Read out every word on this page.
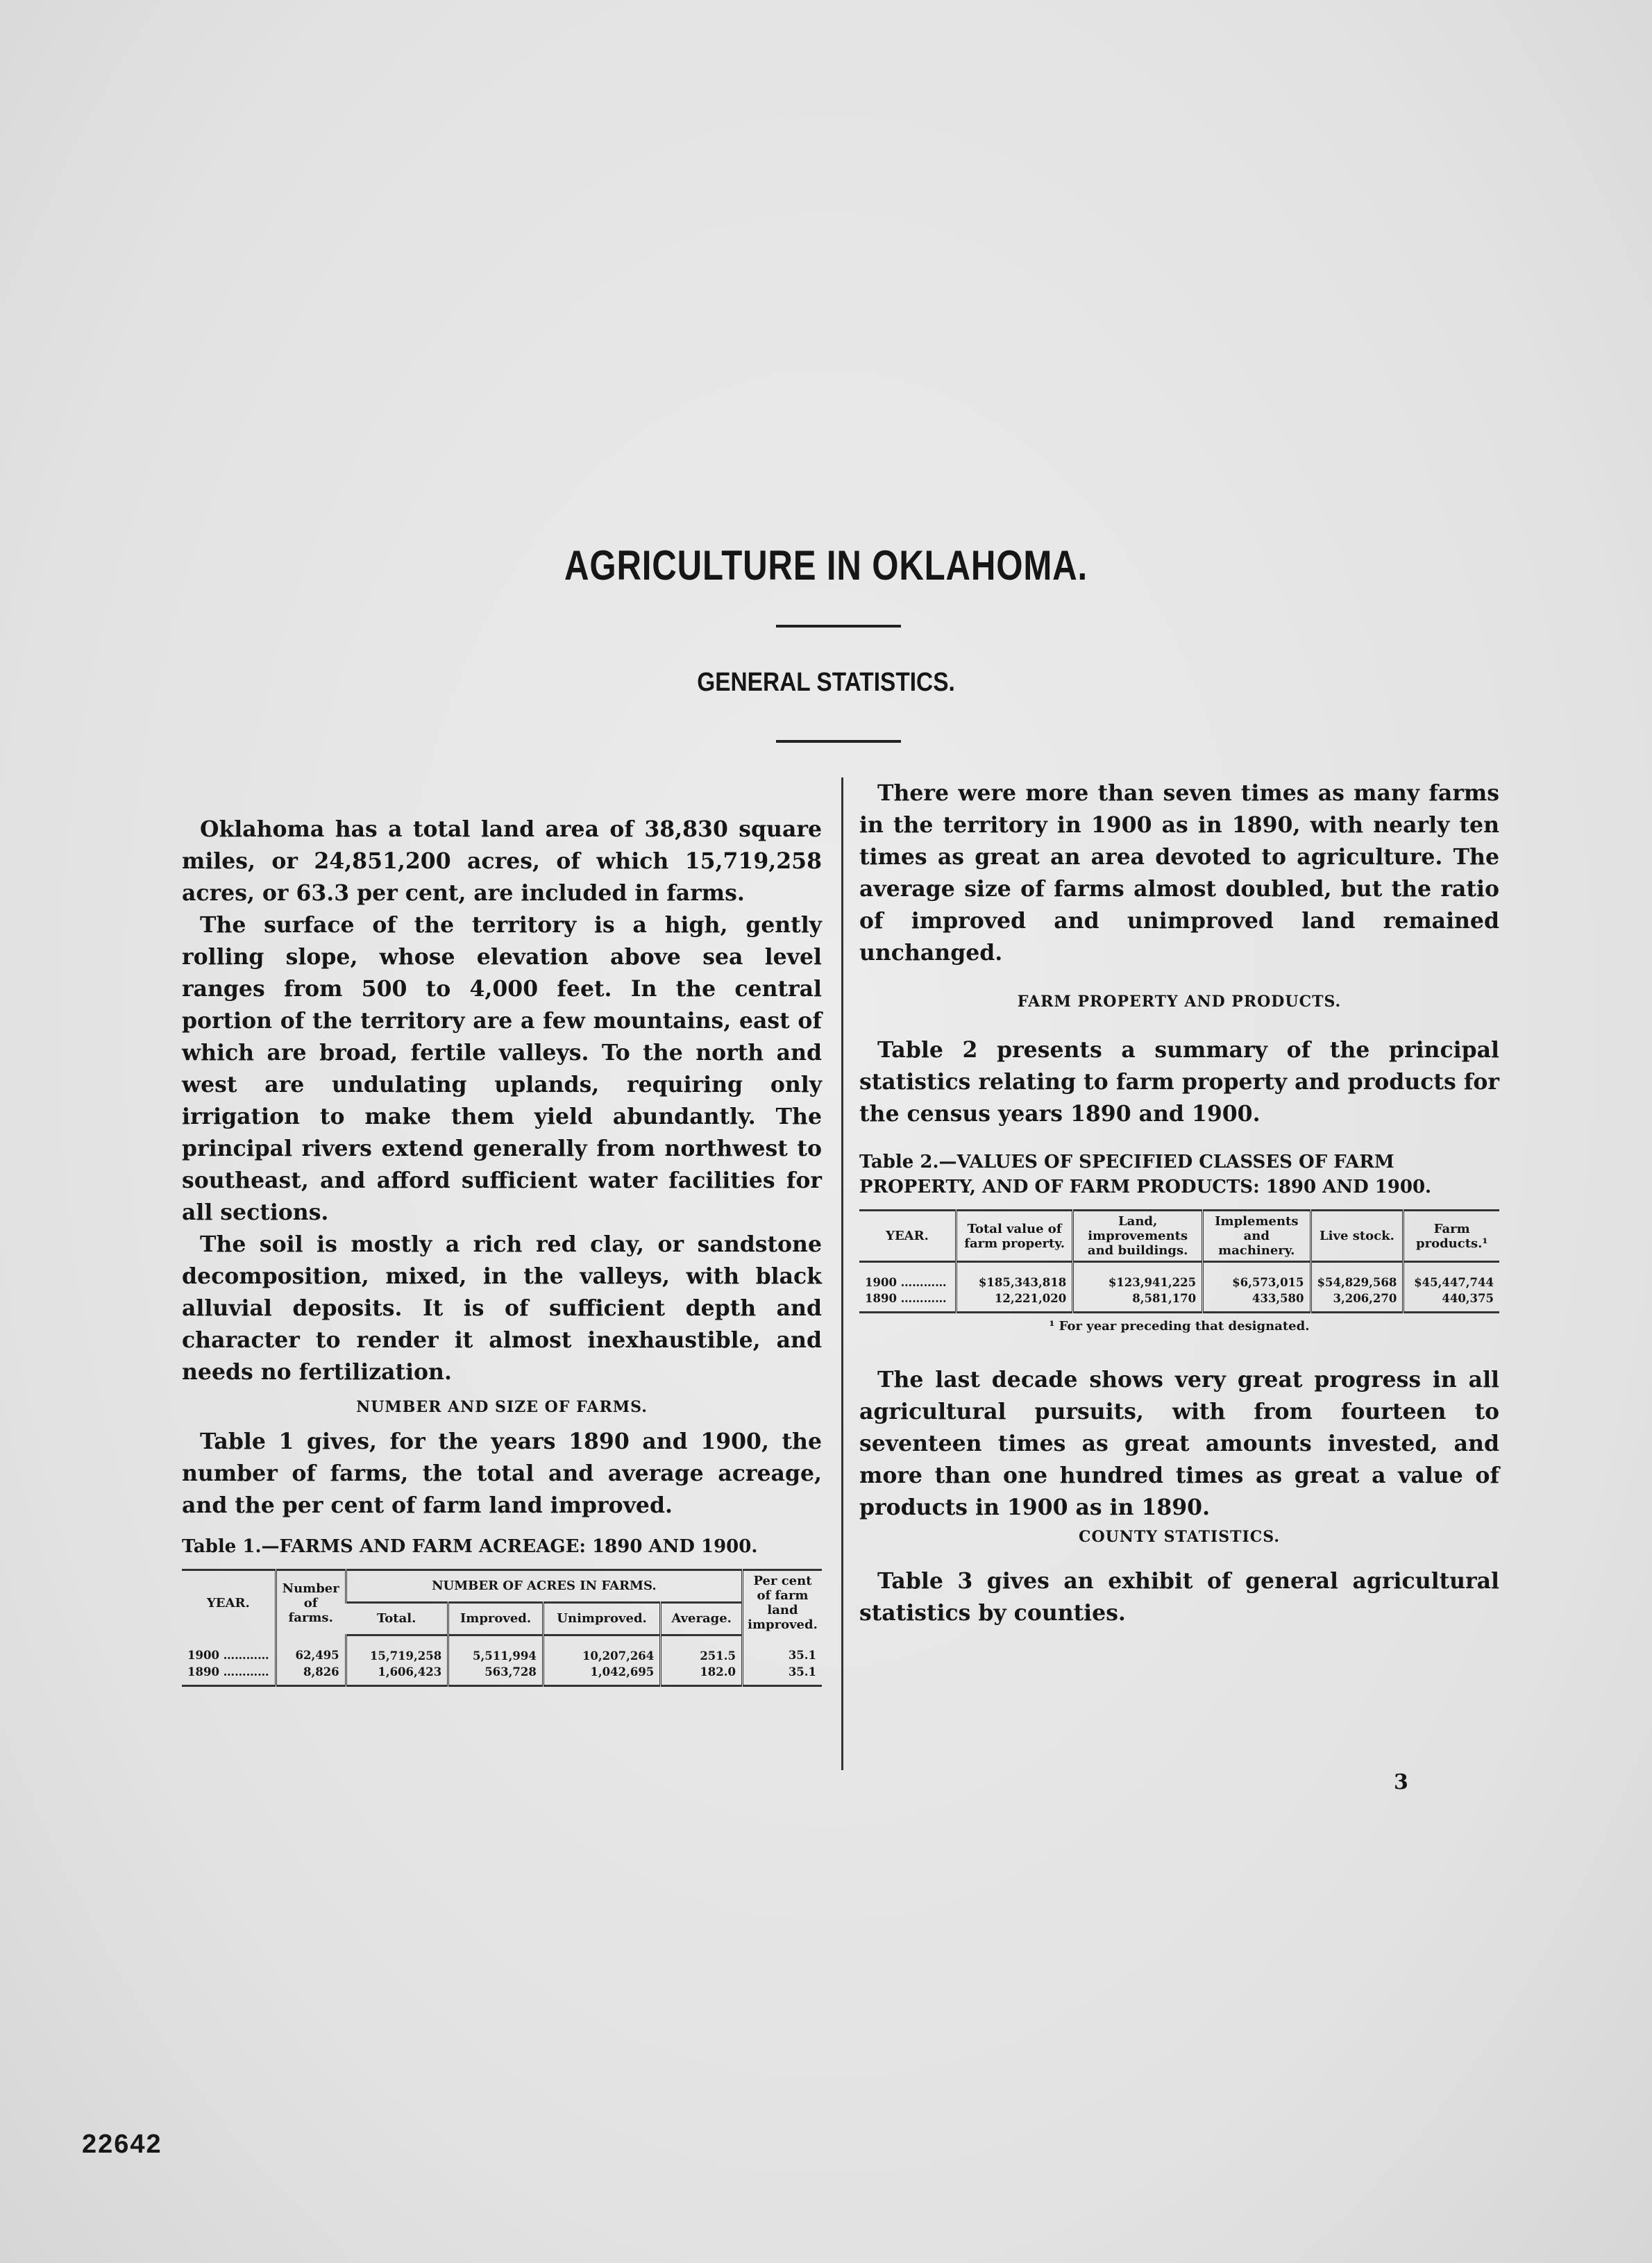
AGRICULTURE IN OKLAHOMA.
GENERAL STATISTICS.

Oklahoma has a total land area of 38,830 square miles, or 24,851,200 acres, of which 15,719,258 acres, or 63.3 per cent, are included in farms.

The surface of the territory is a high, gently rolling slope, whose elevation above sea level ranges from 500 to 4,000 feet. In the central portion of the territory are a few mountains, east of which are broad, fertile valleys. To the north and west are undulating uplands, requiring only irrigation to make them yield abundantly. The principal rivers extend generally from northwest to southeast, and afford sufficient water facilities for all sections.

The soil is mostly a rich red clay, or sandstone decomposition, mixed, in the valleys, with black alluvial deposits. It is of sufficient depth and character to render it almost inexhaustible, and needs no fertilization.

NUMBER AND SIZE OF FARMS.

Table 1 gives, for the years 1890 and 1900, the number of farms, the total and average acreage, and the per cent of farm land improved.

Table 1.—FARMS AND FARM ACREAGE: 1890 AND 1900.

YEAR.	Number of farms.	NUMBER OF ACRES IN FARMS.				Per cent of farm land improved.
		Total.	Improved.	Unimproved.	Average.	
1900 …………	62,495	15,719,258	5,511,994	10,207,264	251.5	35.1
1890 …………	8,826	1,606,423	563,728	1,042,695	182.0	35.1

There were more than seven times as many farms in the territory in 1900 as in 1890, with nearly ten times as great an area devoted to agriculture. The average size of farms almost doubled, but the ratio of improved and unimproved land remained unchanged.

FARM PROPERTY AND PRODUCTS.

Table 2 presents a summary of the principal statistics relating to farm property and products for the census years 1890 and 1900.

Table 2.—VALUES OF SPECIFIED CLASSES OF FARM PROPERTY, AND OF FARM PRODUCTS: 1890 AND 1900.

YEAR.	Total value of farm property.	Land, improvements and buildings.	Implements and machinery.	Live stock.	Farm products.¹
1900 …………	$185,343,818	$123,941,225	$6,573,015	$54,829,568	$45,447,744
1890 …………	12,221,020	8,581,170	433,580	3,206,270	440,375

¹ For year preceding that designated.

The last decade shows very great progress in all agricultural pursuits, with from fourteen to seventeen times as great amounts invested, and more than one hundred times as great a value of products in 1900 as in 1890.

COUNTY STATISTICS.

Table 3 gives an exhibit of general agricultural statistics by counties.

3
22642
